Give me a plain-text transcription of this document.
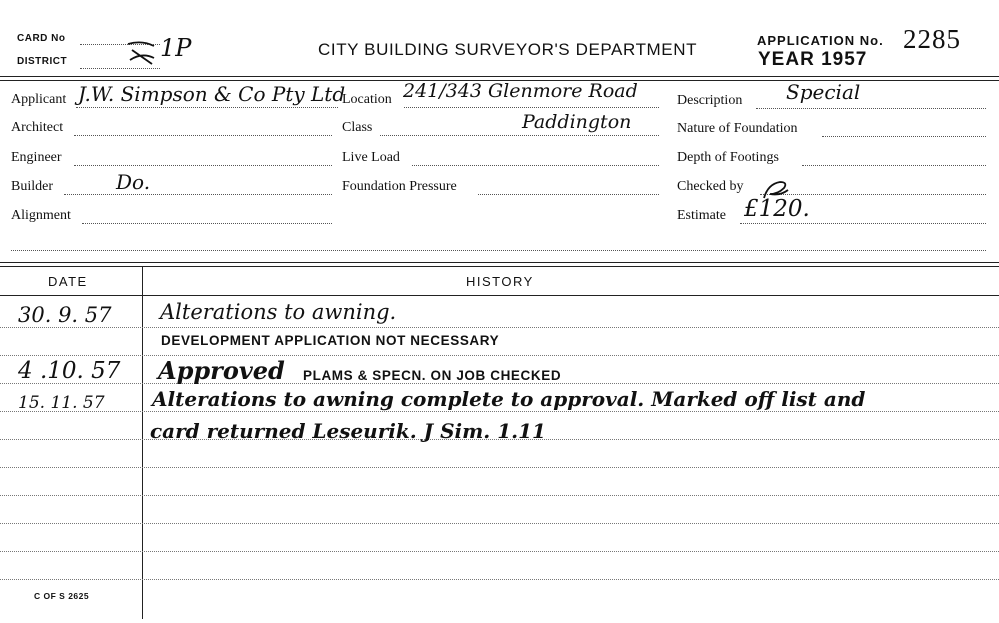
CARD No
DISTRICT	1P	CITY BUILDING SURVEYOR'S DEPARTMENT	APPLICATION No. 2285
YEAR 1957
Applicant J.W. Simpson & Co Pty Ltd
Architect
Engineer
Builder	Do.
Alignment
Location 241/343 Glenmore Road
Paddington
Class
Live Load
Foundation Pressure
Description Special
Nature of Foundation
Depth of Footings
Checked by
Estimate £120.
DATE	HISTORY
30. 9. 57 Alterations to awning.
DEVELOPMENT APPLICATION NOT NECESSARY
4 .10. 57 Approved PLAMS & SPECN. ON JOB CHECKED
15. 11. 57 Alterations to awning complete to approval. Marked off list and
card returned Leseurik. J Sim. 1.11
C OF S 2625
